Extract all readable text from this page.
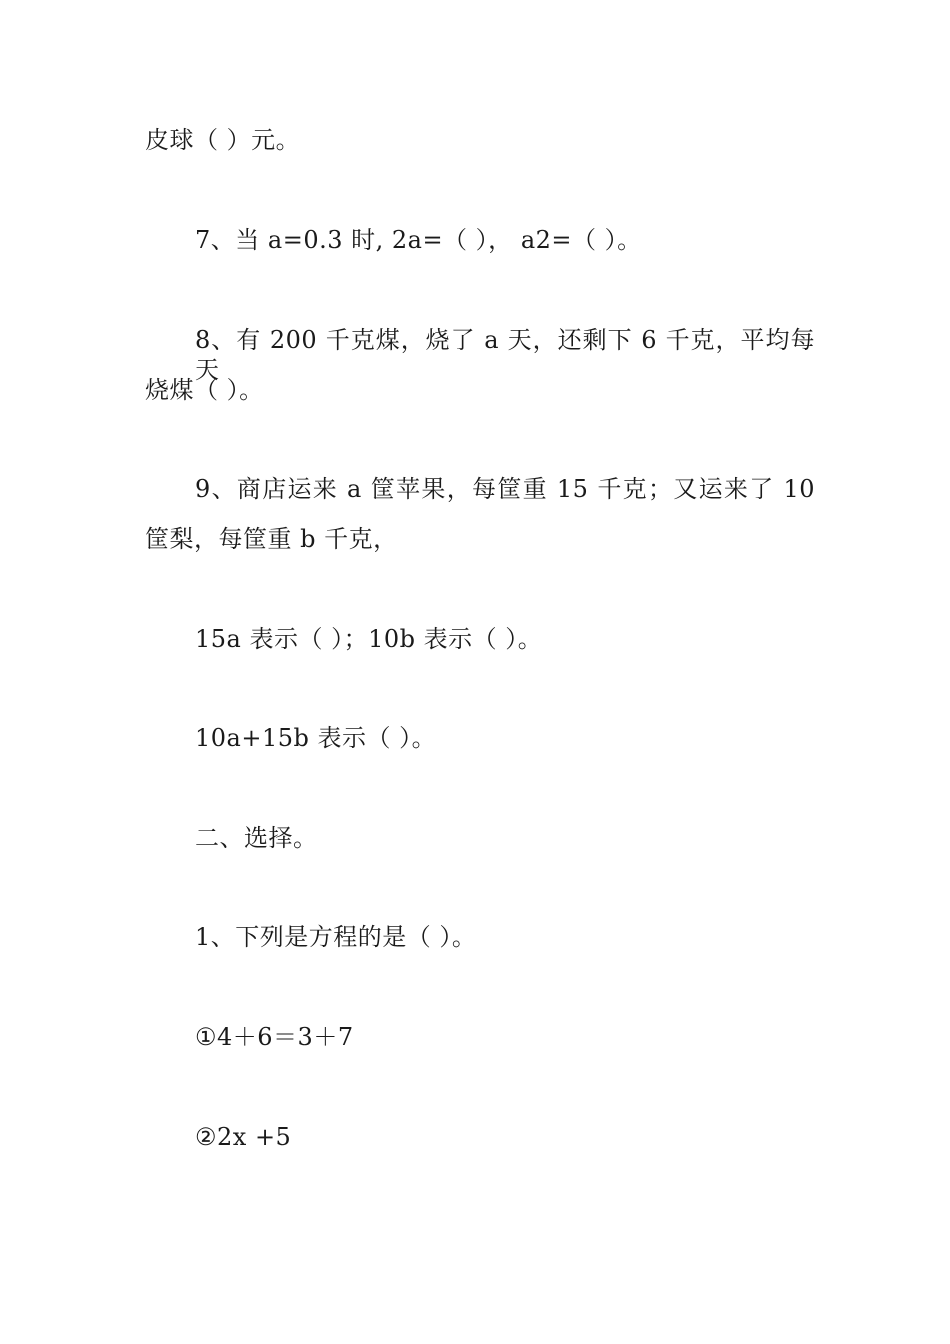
皮球（ ）元。
7、当 a=0.3 时, 2a=（ ）， a2=（ ）。
8、有 200 千克煤，烧了 a 天，还剩下 6 千克，平均每天
烧煤（ ）。
9、商店运来 a 筐苹果，每筐重 15 千克；又运来了 10
筐梨，每筐重 b 千克，
15a 表示（ ）；10b 表示（ ）。
10a+15b 表示（ ）。
二、选择。
1、下列是方程的是（ ）。
①4＋6＝3＋7
②2x +5
